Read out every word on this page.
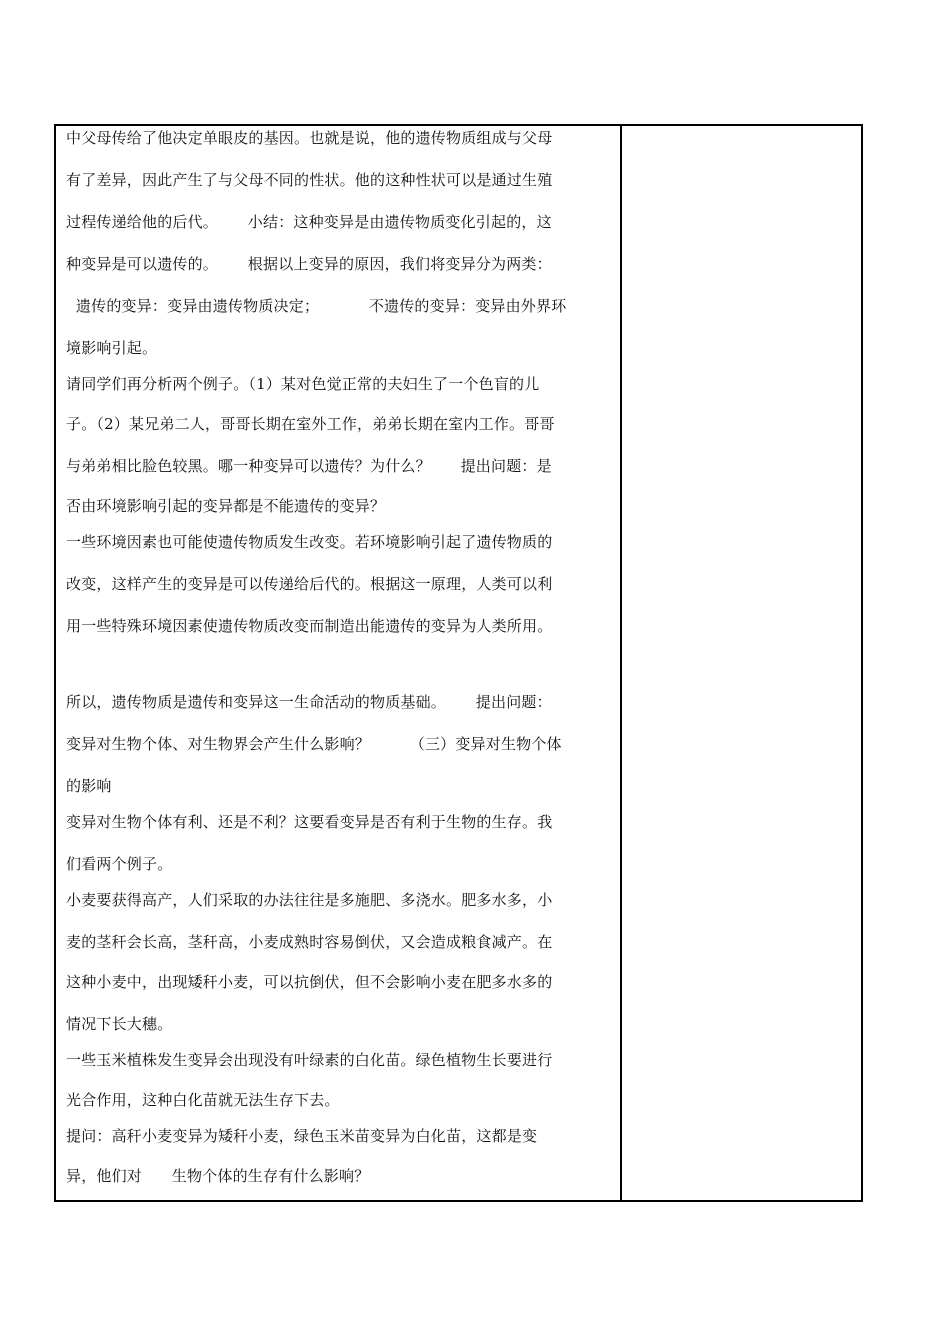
中父母传给了他决定单眼皮的基因。也就是说，他的遗传物质组成与父母
有了差异，因此产生了与父母不同的性状。他的这种性状可以是通过生殖
过程传递给他的后代。      小结：这种变异是由遗传物质变化引起的，这
种变异是可以遗传的。      根据以上变异的原因，我们将变异分为两类：
遗传的变异：变异由遗传物质决定；          不遗传的变异：变异由外界环
境影响引起。
请同学们再分析两个例子。（1）某对色觉正常的夫妇生了一个色盲的儿
子。（2）某兄弟二人，哥哥长期在室外工作，弟弟长期在室内工作。哥哥
与弟弟相比脸色较黑。哪一种变异可以遗传？为什么？      提出问题：是
否由环境影响引起的变异都是不能遗传的变异？
一些环境因素也可能使遗传物质发生改变。若环境影响引起了遗传物质的
改变，这样产生的变异是可以传递给后代的。根据这一原理，人类可以利
用一些特殊环境因素使遗传物质改变而制造出能遗传的变异为人类所用。
所以，遗传物质是遗传和变异这一生命活动的物质基础。      提出问题：
变异对生物个体、对生物界会产生什么影响？        （三）变异对生物个体
的影响
变异对生物个体有利、还是不利？这要看变异是否有利于生物的生存。我
们看两个例子。
小麦要获得高产，人们采取的办法往往是多施肥、多浇水。肥多水多，小
麦的茎秆会长高，茎秆高，小麦成熟时容易倒伏，又会造成粮食减产。在
这种小麦中，出现矮秆小麦，可以抗倒伏，但不会影响小麦在肥多水多的
情况下长大穗。
一些玉米植株发生变异会出现没有叶绿素的白化苗。绿色植物生长要进行
光合作用，这种白化苗就无法生存下去。
提问：高秆小麦变异为矮秆小麦，绿色玉米苗变异为白化苗，这都是变
异，他们对      生物个体的生存有什么影响？
